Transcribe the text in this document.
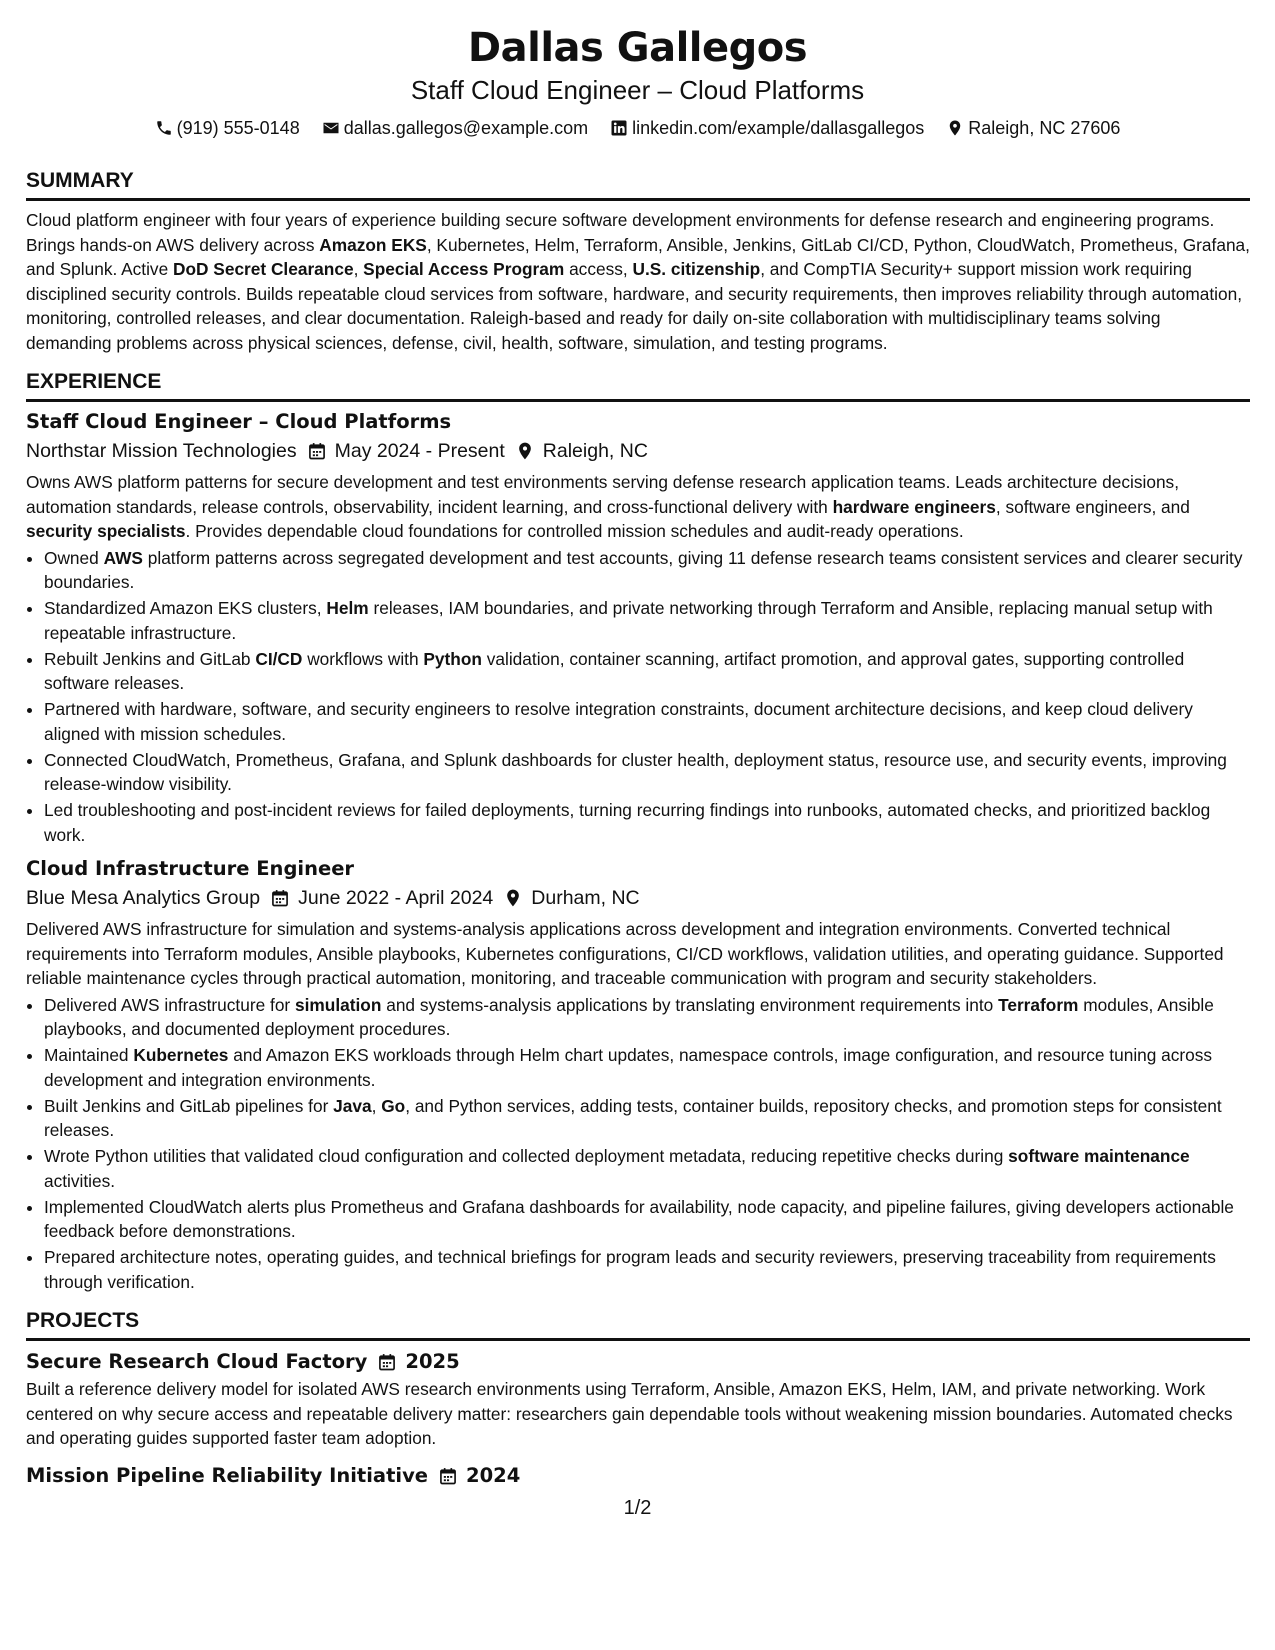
Dallas Gallegos
Staff Cloud Engineer – Cloud Platforms
(919) 555-0148 dallas.gallegos@example.com linkedin.com/example/dallasgallegos Raleigh, NC 27606
SUMMARY

Cloud platform engineer with four years of experience building secure software development environments for defense research and engineering programs. Brings hands-on AWS delivery across Amazon EKS, Kubernetes, Helm, Terraform, Ansible, Jenkins, GitLab CI/CD, Python, CloudWatch, Prometheus, Grafana, and Splunk. Active DoD Secret Clearance, Special Access Program access, U.S. citizenship, and CompTIA Security+ support mission work requiring disciplined security controls. Builds repeatable cloud services from software, hardware, and security requirements, then improves reliability through automation, monitoring, controlled releases, and clear documentation. Raleigh-based and ready for daily on-site collaboration with multidisciplinary teams solving demanding problems across physical sciences, defense, civil, health, software, simulation, and testing programs.

EXPERIENCE
Staff Cloud Engineer – Cloud Platforms
Northstar Mission Technologies May 2024 - Present Raleigh, NC

Owns AWS platform patterns for secure development and test environments serving defense research application teams. Leads architecture decisions, automation standards, release controls, observability, incident learning, and cross-functional delivery with hardware engineers, software engineers, and security specialists. Provides dependable cloud foundations for controlled mission schedules and audit-ready operations.

• Owned AWS platform patterns across segregated development and test accounts, giving 11 defense research teams consistent services and clearer security boundaries.
• Standardized Amazon EKS clusters, Helm releases, IAM boundaries, and private networking through Terraform and Ansible, replacing manual setup with repeatable infrastructure.
• Rebuilt Jenkins and GitLab CI/CD workflows with Python validation, container scanning, artifact promotion, and approval gates, supporting controlled software releases.
• Partnered with hardware, software, and security engineers to resolve integration constraints, document architecture decisions, and keep cloud delivery aligned with mission schedules.
• Connected CloudWatch, Prometheus, Grafana, and Splunk dashboards for cluster health, deployment status, resource use, and security events, improving release-window visibility.
• Led troubleshooting and post-incident reviews for failed deployments, turning recurring findings into runbooks, automated checks, and prioritized backlog work.
Cloud Infrastructure Engineer
Blue Mesa Analytics Group June 2022 - April 2024 Durham, NC

Delivered AWS infrastructure for simulation and systems-analysis applications across development and integration environments. Converted technical requirements into Terraform modules, Ansible playbooks, Kubernetes configurations, CI/CD workflows, validation utilities, and operating guidance. Supported reliable maintenance cycles through practical automation, monitoring, and traceable communication with program and security stakeholders.

• Delivered AWS infrastructure for simulation and systems-analysis applications by translating environment requirements into Terraform modules, Ansible playbooks, and documented deployment procedures.
• Maintained Kubernetes and Amazon EKS workloads through Helm chart updates, namespace controls, image configuration, and resource tuning across development and integration environments.
• Built Jenkins and GitLab pipelines for Java, Go, and Python services, adding tests, container builds, repository checks, and promotion steps for consistent releases.
• Wrote Python utilities that validated cloud configuration and collected deployment metadata, reducing repetitive checks during software maintenance activities.
• Implemented CloudWatch alerts plus Prometheus and Grafana dashboards for availability, node capacity, and pipeline failures, giving developers actionable feedback before demonstrations.
• Prepared architecture notes, operating guides, and technical briefings for program leads and security reviewers, preserving traceability from requirements through verification.
PROJECTS
Secure Research Cloud Factory 2025

Built a reference delivery model for isolated AWS research environments using Terraform, Ansible, Amazon EKS, Helm, IAM, and private networking. Work centered on why secure access and repeatable delivery matter: researchers gain dependable tools without weakening mission boundaries. Automated checks and operating guides supported faster team adoption.

Mission Pipeline Reliability Initiative 2024
1/2
